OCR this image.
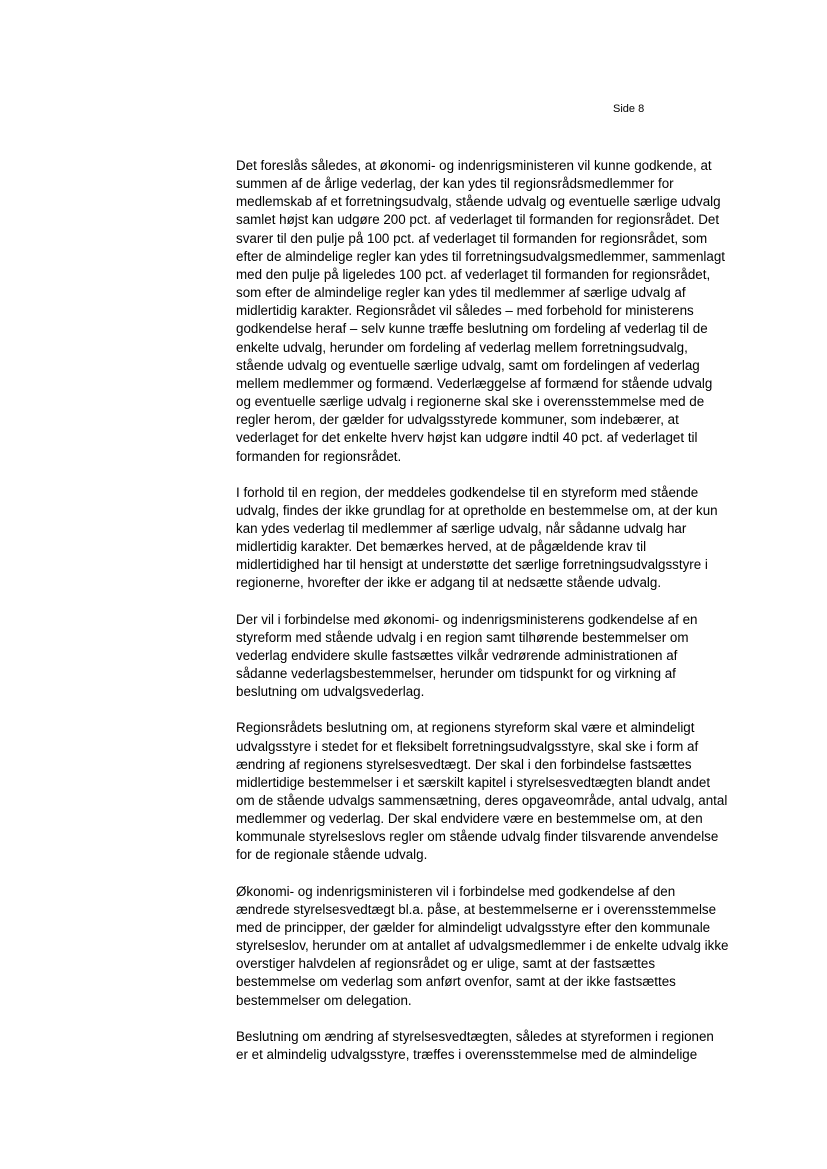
Side 8
Det foreslås således, at økonomi- og indenrigsministeren vil kunne godkende, at
summen af de årlige vederlag, der kan ydes til regionsrådsmedlemmer for
medlemskab af et forretningsudvalg, stående udvalg og eventuelle særlige udvalg
samlet højst kan udgøre 200 pct. af vederlaget til formanden for regionsrådet. Det
svarer til den pulje på 100 pct. af vederlaget til formanden for regionsrådet, som
efter de almindelige regler kan ydes til forretningsudvalgsmedlemmer, sammenlagt
med den pulje på ligeledes 100 pct. af vederlaget til formanden for regionsrådet,
som efter de almindelige regler kan ydes til medlemmer af særlige udvalg af
midlertidig karakter. Regionsrådet vil således – med forbehold for ministerens
godkendelse heraf – selv kunne træffe beslutning om fordeling af vederlag til de
enkelte udvalg, herunder om fordeling af vederlag mellem forretningsudvalg,
stående udvalg og eventuelle særlige udvalg, samt om fordelingen af vederlag
mellem medlemmer og formænd. Vederlæggelse af formænd for stående udvalg
og eventuelle særlige udvalg i regionerne skal ske i overensstemmelse med de
regler herom, der gælder for udvalgsstyrede kommuner, som indebærer, at
vederlaget for det enkelte hverv højst kan udgøre indtil 40 pct. af vederlaget til
formanden for regionsrådet.
I forhold til en region, der meddeles godkendelse til en styreform med stående
udvalg, findes der ikke grundlag for at opretholde en bestemmelse om, at der kun
kan ydes vederlag til medlemmer af særlige udvalg, når sådanne udvalg har
midlertidig karakter. Det bemærkes herved, at de pågældende krav til
midlertidighed har til hensigt at understøtte det særlige forretningsudvalgsstyre i
regionerne, hvorefter der ikke er adgang til at nedsætte stående udvalg.
Der vil i forbindelse med økonomi- og indenrigsministerens godkendelse af en
styreform med stående udvalg i en region samt tilhørende bestemmelser om
vederlag endvidere skulle fastsættes vilkår vedrørende administrationen af
sådanne vederlagsbestemmelser, herunder om tidspunkt for og virkning af
beslutning om udvalgsvederlag.
Regionsrådets beslutning om, at regionens styreform skal være et almindeligt
udvalgsstyre i stedet for et fleksibelt forretningsudvalgsstyre, skal ske i form af
ændring af regionens styrelsesvedtægt. Der skal i den forbindelse fastsættes
midlertidige bestemmelser i et særskilt kapitel i styrelsesvedtægten blandt andet
om de stående udvalgs sammensætning, deres opgaveområde, antal udvalg, antal
medlemmer og vederlag. Der skal endvidere være en bestemmelse om, at den
kommunale styrelseslovs regler om stående udvalg finder tilsvarende anvendelse
for de regionale stående udvalg.
Økonomi- og indenrigsministeren vil i forbindelse med godkendelse af den
ændrede styrelsesvedtægt bl.a. påse, at bestemmelserne er i overensstemmelse
med de principper, der gælder for almindeligt udvalgsstyre efter den kommunale
styrelseslov, herunder om at antallet af udvalgsmedlemmer i de enkelte udvalg ikke
overstiger halvdelen af regionsrådet og er ulige, samt at der fastsættes
bestemmelse om vederlag som anført ovenfor, samt at der ikke fastsættes
bestemmelser om delegation.
Beslutning om ændring af styrelsesvedtægten, således at styreformen i regionen
er et almindelig udvalgsstyre, træffes i overensstemmelse med de almindelige
